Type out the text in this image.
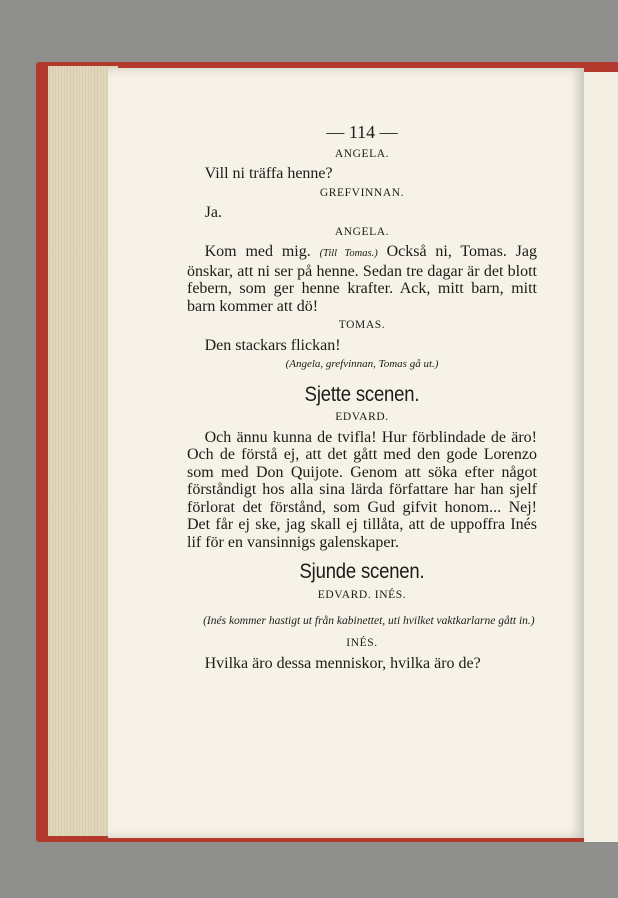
— 114 —
ANGELA.

Vill ni träffa henne?

GREFVINNAN.

Ja.

ANGELA.

Kom med mig. (Till Tomas.) Också ni, Tomas. Jag önskar, att ni ser på henne. Sedan tre dagar är det blott febern, som ger henne krafter. Ack, mitt barn, mitt barn kommer att dö!

TOMAS.

Den stackars flickan!

(Angela, grefvinnan, Tomas gå ut.)
Sjette scenen.
EDVARD.

Och ännu kunna de tvifla! Hur förblindade de äro! Och de förstå ej, att det gått med den gode Lorenzo som med Don Quijote. Genom att söka efter något förståndigt hos alla sina lärda författare har han sjelf förlorat det förstånd, som Gud gifvit honom... Nej! Det får ej ske, jag skall ej tillåta, att de uppoffra Inés lif för en vansinnigs galenskaper.

Sjunde scenen.
EDVARD. INÉS.

(Inés kommer hastigt ut från kabinettet, uti hvilket vaktkarlarne gått in.)

INÉS.

Hvilka äro dessa menniskor, hvilka äro de?
